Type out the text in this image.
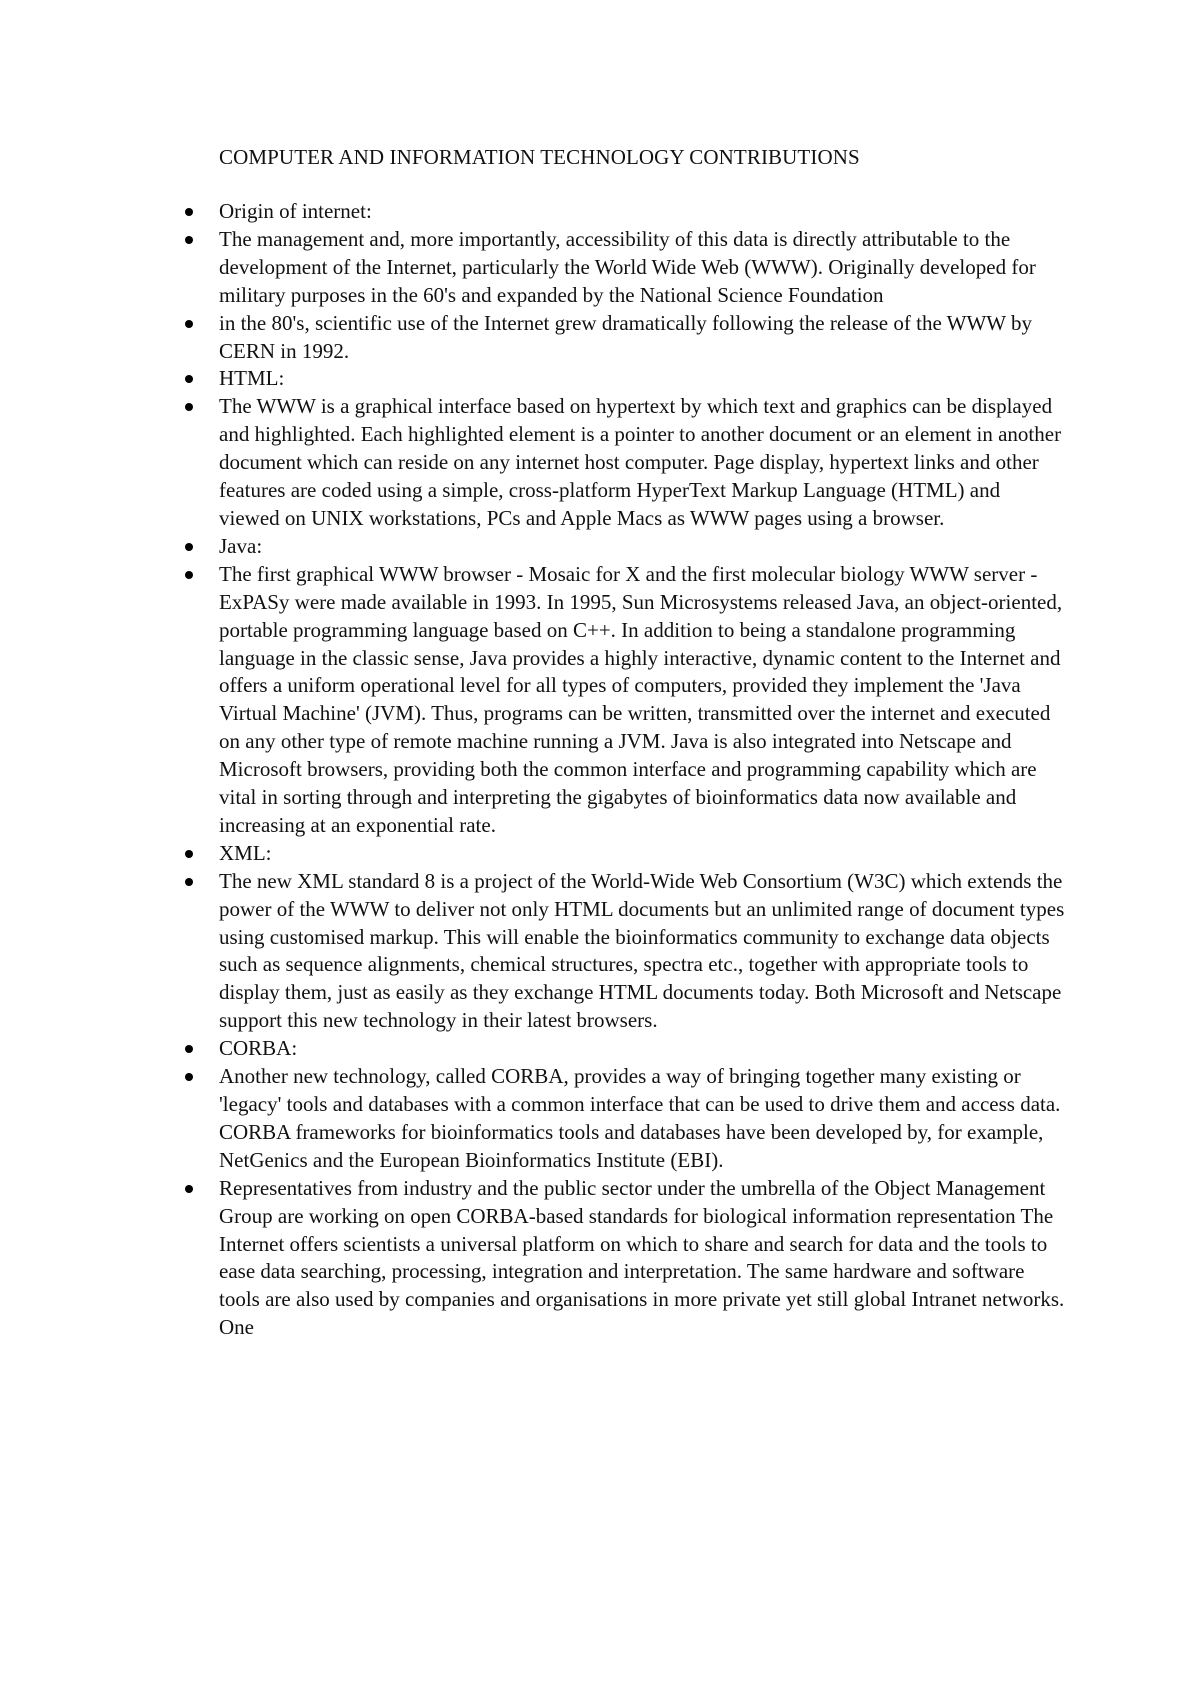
COMPUTER AND INFORMATION TECHNOLOGY CONTRIBUTIONS
Origin of internet:
The management and, more importantly, accessibility of this data is directly attributable to the development of the Internet, particularly the World Wide Web (WWW). Originally developed for military purposes in the 60's and expanded by the National Science Foundation
in the 80's, scientific use of the Internet grew dramatically following the release of the WWW by CERN in 1992.
HTML:
The WWW is a graphical interface based on hypertext by which text and graphics can be displayed and highlighted. Each highlighted element is a pointer to another document or an element in another document which can reside on any internet host computer. Page display, hypertext links and other features are coded using a simple, cross-platform HyperText Markup Language (HTML) and viewed on UNIX workstations, PCs and Apple Macs as WWW pages using a browser.
Java:
The first graphical WWW browser - Mosaic for X and the first molecular biology WWW server - ExPASy were made available in 1993. In 1995, Sun Microsystems released Java, an object-oriented, portable programming language based on C++. In addition to being a standalone programming language in the classic sense, Java provides a highly interactive, dynamic content to the Internet and offers a uniform operational level for all types of computers, provided they implement the 'Java Virtual Machine' (JVM). Thus, programs can be written, transmitted over the internet and executed on any other type of remote machine running a JVM. Java is also integrated into Netscape and Microsoft browsers, providing both the common interface and programming capability which are vital in sorting through and interpreting the gigabytes of bioinformatics data now available and increasing at an exponential rate.
XML:
The new XML standard 8 is a project of the World-Wide Web Consortium (W3C) which extends the power of the WWW to deliver not only HTML documents but an unlimited range of document types using customised markup. This will enable the bioinformatics community to exchange data objects such as sequence alignments, chemical structures, spectra etc., together with appropriate tools to display them, just as easily as they exchange HTML documents today. Both Microsoft and Netscape support this new technology in their latest browsers.
CORBA:
Another new technology, called CORBA, provides a way of bringing together many existing or 'legacy' tools and databases with a common interface that can be used to drive them and access data. CORBA frameworks for bioinformatics tools and databases have been developed by, for example, NetGenics and the European Bioinformatics Institute (EBI).
Representatives from industry and the public sector under the umbrella of the Object Management Group are working on open CORBA-based standards for biological information representation The Internet offers scientists a universal platform on which to share and search for data and the tools to ease data searching, processing, integration and interpretation. The same hardware and software tools are also used by companies and organisations in more private yet still global Intranet networks. One
